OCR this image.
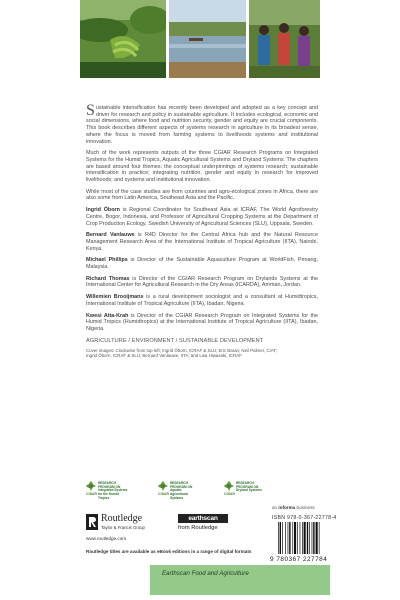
Sustainable intensification has recently been developed and adopted as a key concept and driver for research and policy in sustainable agriculture. It includes ecological, economic and social dimensions, where food and nutrition security, gender and equity are crucial components. This book describes different aspects of systems research in agriculture in its broadest sense, where the focus is moved from farming systems to livelihoods systems and institutional innovation.

Much of the work represents outputs of the three CGIAR Research Programs on Integrated Systems for the Humid Tropics, Aquatic Agricultural Systems and Dryland Systems. The chapters are based around four themes: the conceptual underpinnings of systems research; sustainable intensification in practice; integrating nutrition, gender and equity in research for improved livelihoods; and systems and institutional innovation.

While most of the case studies are from countries and agro-ecological zones in Africa, there are also some from Latin America, Southeast Asia and the Pacific.

Ingrid Öborn is Regional Coordinator for Southeast Asia at ICRAF, The World Agroforestry Centre, Bogor, Indonesia, and Professor of Agricultural Cropping Systems at the Department of Crop Production Ecology, Swedish University of Agricultural Sciences (SLU), Uppsala, Sweden.

Bernard Vanlauwe is R4D Director for the Central Africa hub and the Natural Resource Management Research Area of the International Institute of Tropical Agriculture (IITA), Nairobi, Kenya.

Michael Phillips is Director of the Sustainable Aquaculture Program at WorldFish, Penang, Malaysia.

Richard Thomas is Director of the CGIAR Research Program on Drylands Systems at the International Center for Agricultural Research in the Dry Areas (ICARDA), Amman, Jordan.

Willemien Brooijmans is a rural development sociologist and a consultant at Humidtropics, International Institute of Tropical Agriculture (IITA), Ibadan, Nigeria.

Kwesi Atta-Krah is Director of the CGIAR Research Program on Integrated Systems for the Humid Tropics (Humidtropics) at the International Institute of Tropical Agriculture (IITA), Ibadan, Nigeria.

AGRICULTURE / ENVIRONMENT / SUSTAINABLE DEVELOPMENT

Cover images: Clockwise from top left: Ingrid Öborn, ICRAF & SLU; Eric Baran; Neil Palmer, CIAT;

Ingrid Öborn, ICRAF & SLU; Bernard Vanlauwe, IITA; and Lisa Hiwasaki, ICRAF

CGIAR
RESEARCH
PROGRAM ON
Integrated Systems
for the Humid
Tropics
CGIAR
RESEARCH
PROGRAM ON
Aquatic
Agricultural
Systems
CGIAR
RESEARCH
PROGRAM ON
Dryland Systems
Routledge
Taylor & Francis Group
www.routledge.com
earthscan
from Routledge
an informa business
ISBN 978-0-367-22778-4
9 780367 227784
Routledge titles are available as eBook editions in a range of digital formats
Earthscan Food and Agriculture
